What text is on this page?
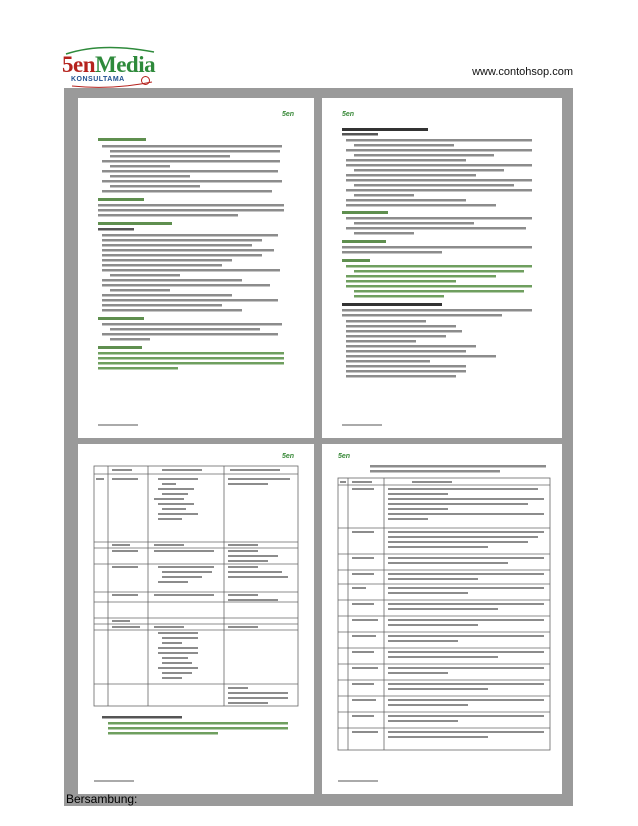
5enMedia
KONSULTAMA
www.contohsop.com
5en	5en
5en	5en
Bersambung:
